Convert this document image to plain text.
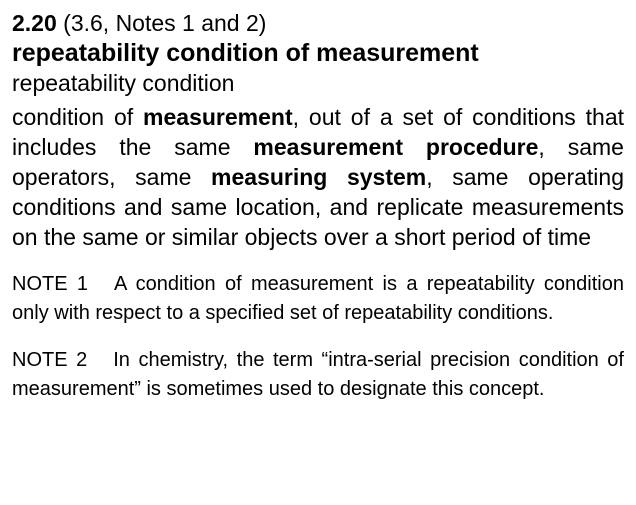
2.20 (3.6, Notes 1 and 2)
repeatability condition of measurement
repeatability condition

condition of measurement, out of a set of conditions that includes the same measurement procedure, same operators, same measuring system, same operating conditions and same location, and replicate measurements on the same or similar objects over a short period of time

NOTE 1 A condition of measurement is a repeatability condition only with respect to a specified set of repeatability conditions.

NOTE 2 In chemistry, the term “intra-serial precision condition of measurement” is sometimes used to designate this concept.
